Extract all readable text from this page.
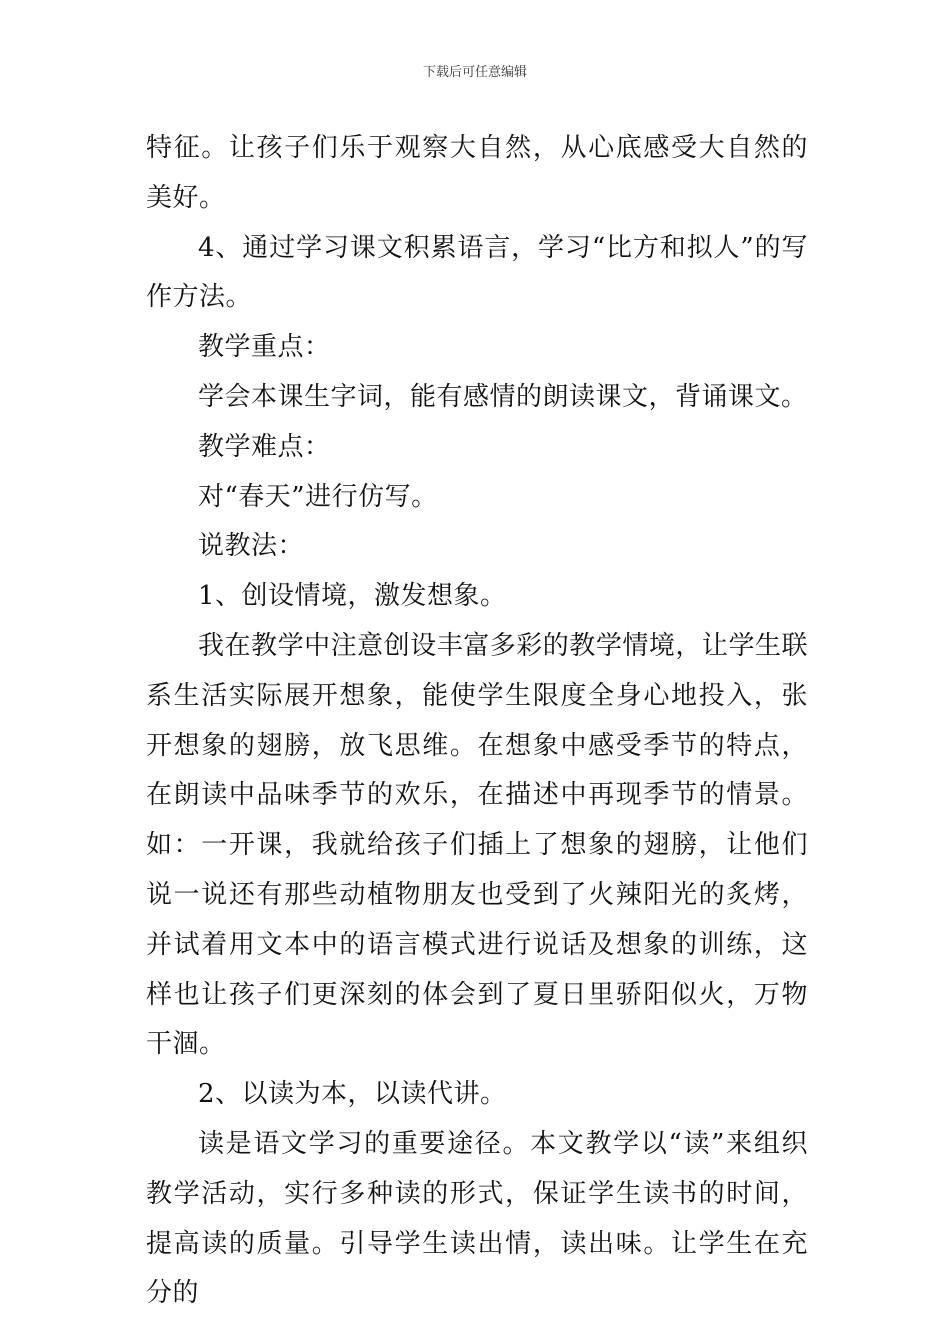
下载后可任意编辑

特征。让孩子们乐于观察大自然，从心底感受大自然的美好。

4、通过学习课文积累语言，学习“比方和拟人”的写作方法。

教学重点：

学会本课生字词，能有感情的朗读课文，背诵课文。

教学难点：

对“春天”进行仿写。

说教法：

1、创设情境，激发想象。

我在教学中注意创设丰富多彩的教学情境，让学生联系生活实际展开想象，能使学生限度全身心地投入，张开想象的翅膀，放飞思维。在想象中感受季节的特点，在朗读中品味季节的欢乐，在描述中再现季节的情景。如：一开课，我就给孩子们插上了想象的翅膀，让他们说一说还有那些动植物朋友也受到了火辣阳光的炙烤，并试着用文本中的语言模式进行说话及想象的训练，这样也让孩子们更深刻的体会到了夏日里骄阳似火，万物干涸。

2、以读为本，以读代讲。

读是语文学习的重要途径。本文教学以“读”来组织教学活动，实行多种读的形式，保证学生读书的时间，提高读的质量。引导学生读出情，读出味。让学生在充分的
